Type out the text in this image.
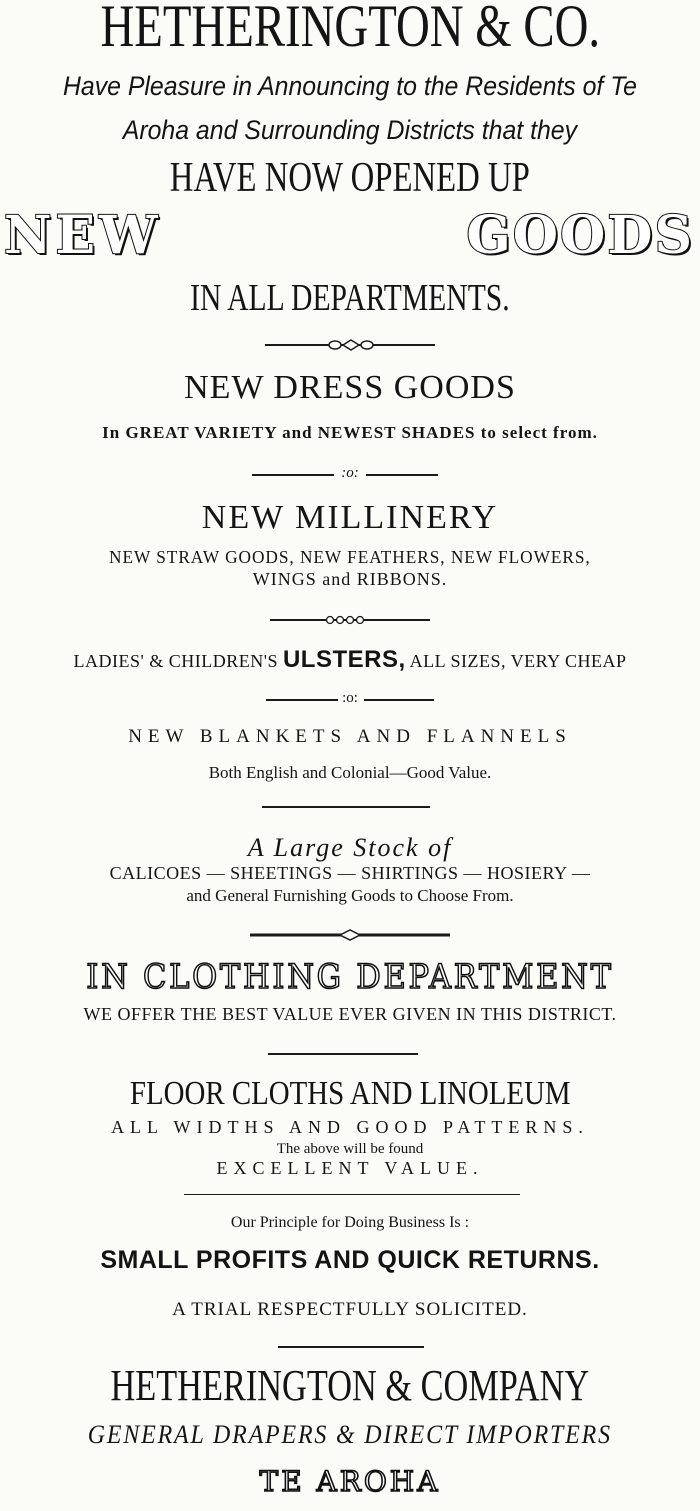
HETHERINGTON & CO.
Have Pleasure in Announcing to the Residents of Te
Aroha and Surrounding Districts that they
HAVE NOW OPENED UP
NEW	GOODS
IN ALL DEPARTMENTS.
NEW DRESS GOODS
In GREAT VARIETY and NEWEST SHADES to select from.
:o:
NEW MILLINERY
NEW STRAW GOODS, NEW FEATHERS, NEW FLOWERS,
WINGS and RIBBONS.
LADIES' & CHILDREN'S ULSTERS, ALL SIZES, VERY CHEAP
:o:
NEW BLANKETS AND FLANNELS
Both English and Colonial—Good Value.
A Large Stock of
CALICOES — SHEETINGS — SHIRTINGS — HOSIERY —
and General Furnishing Goods to Choose From.
IN CLOTHING DEPARTMENT
WE OFFER THE BEST VALUE EVER GIVEN IN THIS DISTRICT.
FLOOR CLOTHS AND LINOLEUM
ALL WIDTHS AND GOOD PATTERNS.
The above will be found
EXCELLENT VALUE.
Our Principle for Doing Business Is :
SMALL PROFITS AND QUICK RETURNS.
A TRIAL RESPECTFULLY SOLICITED.
HETHERINGTON & COMPANY
GENERAL DRAPERS & DIRECT IMPORTERS
TE AROHA
